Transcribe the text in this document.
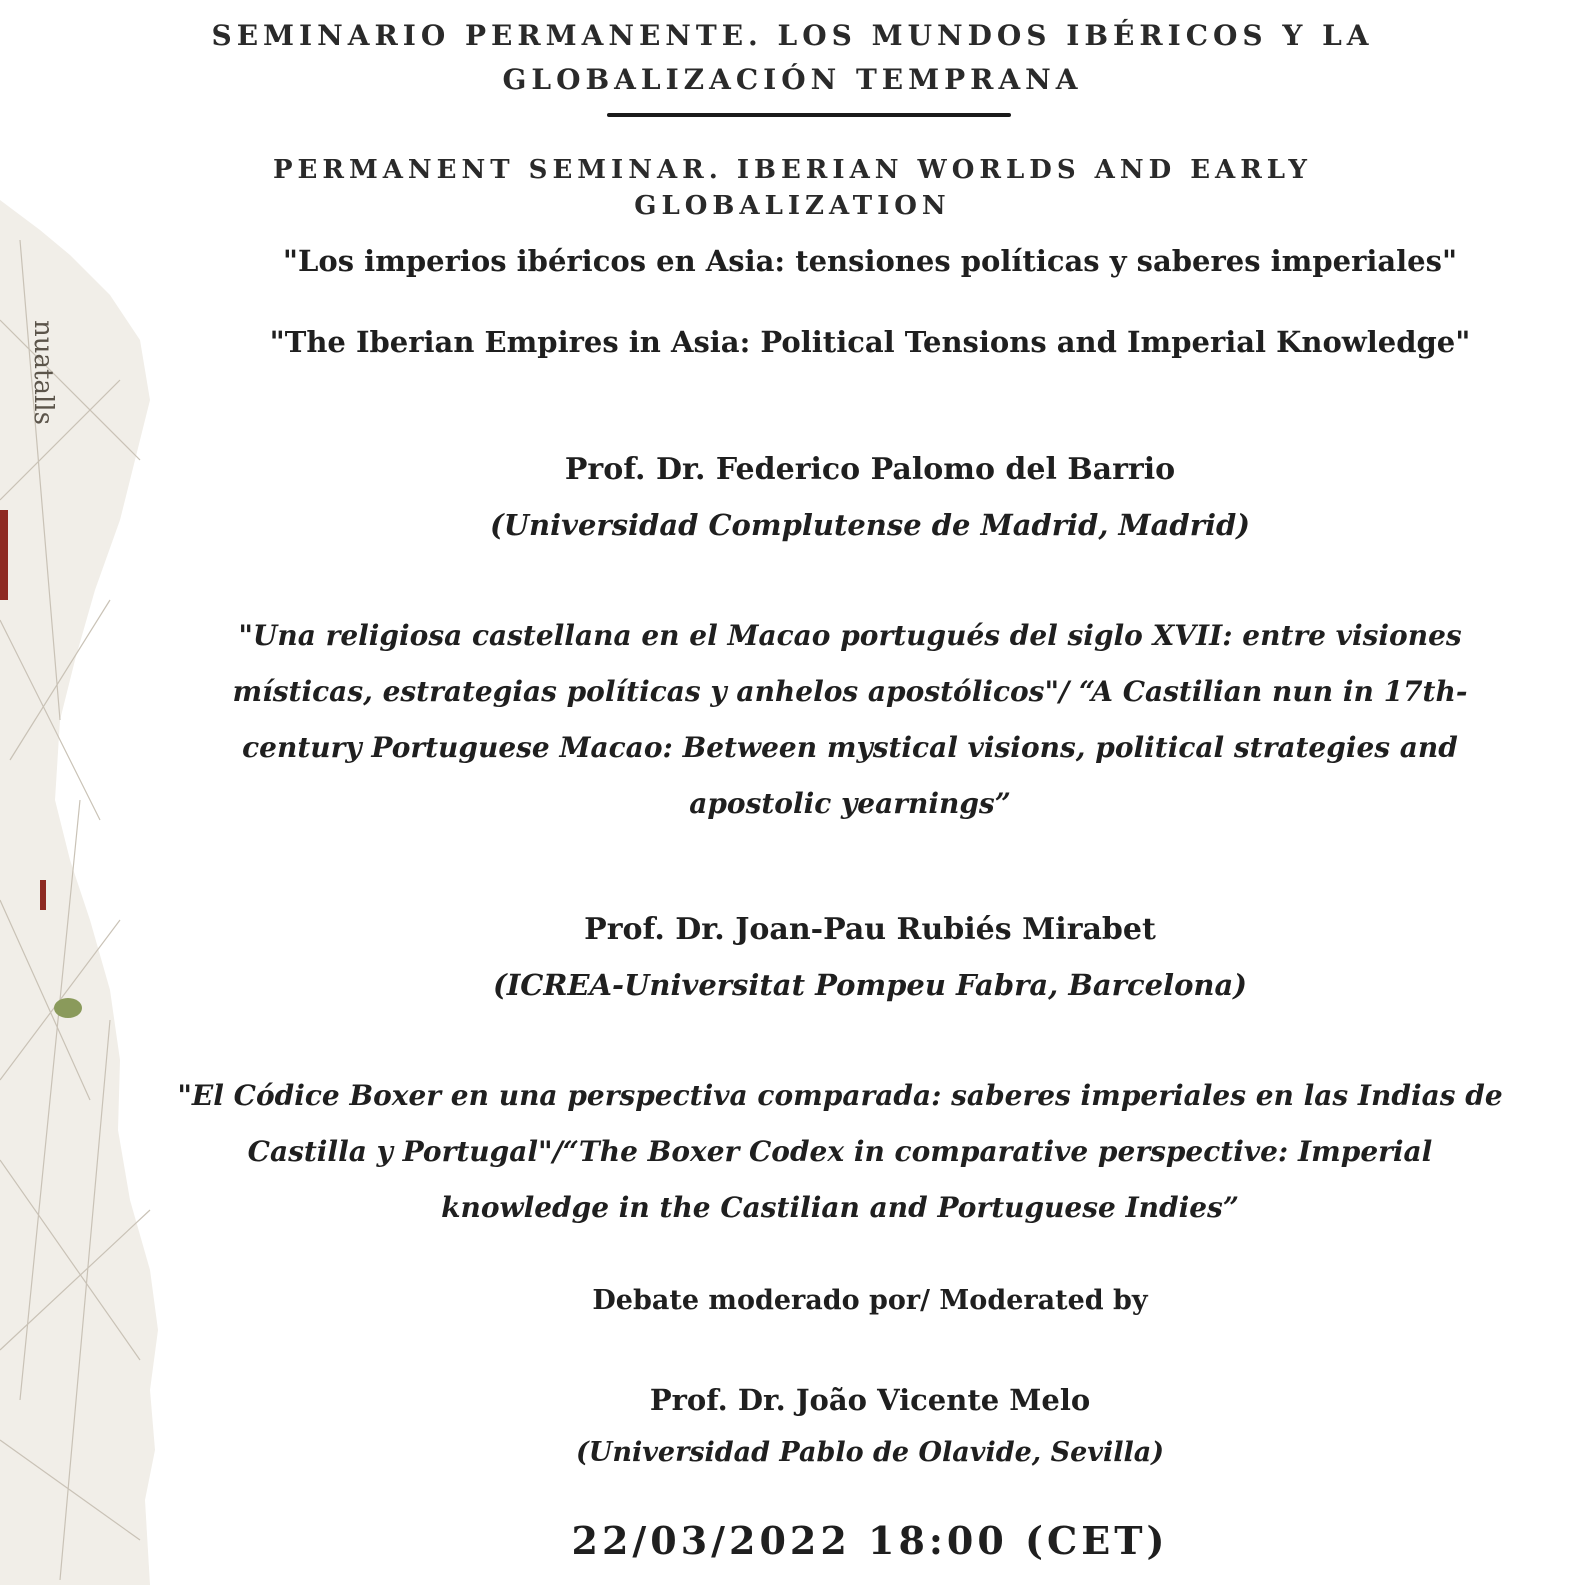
nuatalls
SEMINARIO PERMANENTE. LOS MUNDOS IBÉRICOS Y LA GLOBALIZACIÓN TEMPRANA
PERMANENT SEMINAR. IBERIAN WORLDS AND EARLY GLOBALIZATION
"Los imperios ibéricos en Asia: tensiones políticas y saberes imperiales"
"The Iberian Empires in Asia: Political Tensions and Imperial Knowledge"
Prof. Dr. Federico Palomo del Barrio
(Universidad Complutense de Madrid, Madrid)
"Una religiosa castellana en el Macao portugués del siglo XVII: entre visiones místicas, estrategias políticas y anhelos apostólicos"/ “A Castilian nun in 17th-century Portuguese Macao: Between mystical visions, political strategies and apostolic yearnings”
Prof. Dr. Joan-Pau Rubiés Mirabet
(ICREA-Universitat Pompeu Fabra, Barcelona)
"El Códice Boxer en una perspectiva comparada: saberes imperiales en las Indias de Castilla y Portugal"/“The Boxer Codex in comparative perspective: Imperial knowledge in the Castilian and Portuguese Indies”
Debate moderado por/ Moderated by
Prof. Dr. João Vicente Melo
(Universidad Pablo de Olavide, Sevilla)
22/03/2022 18:00 (CET)
